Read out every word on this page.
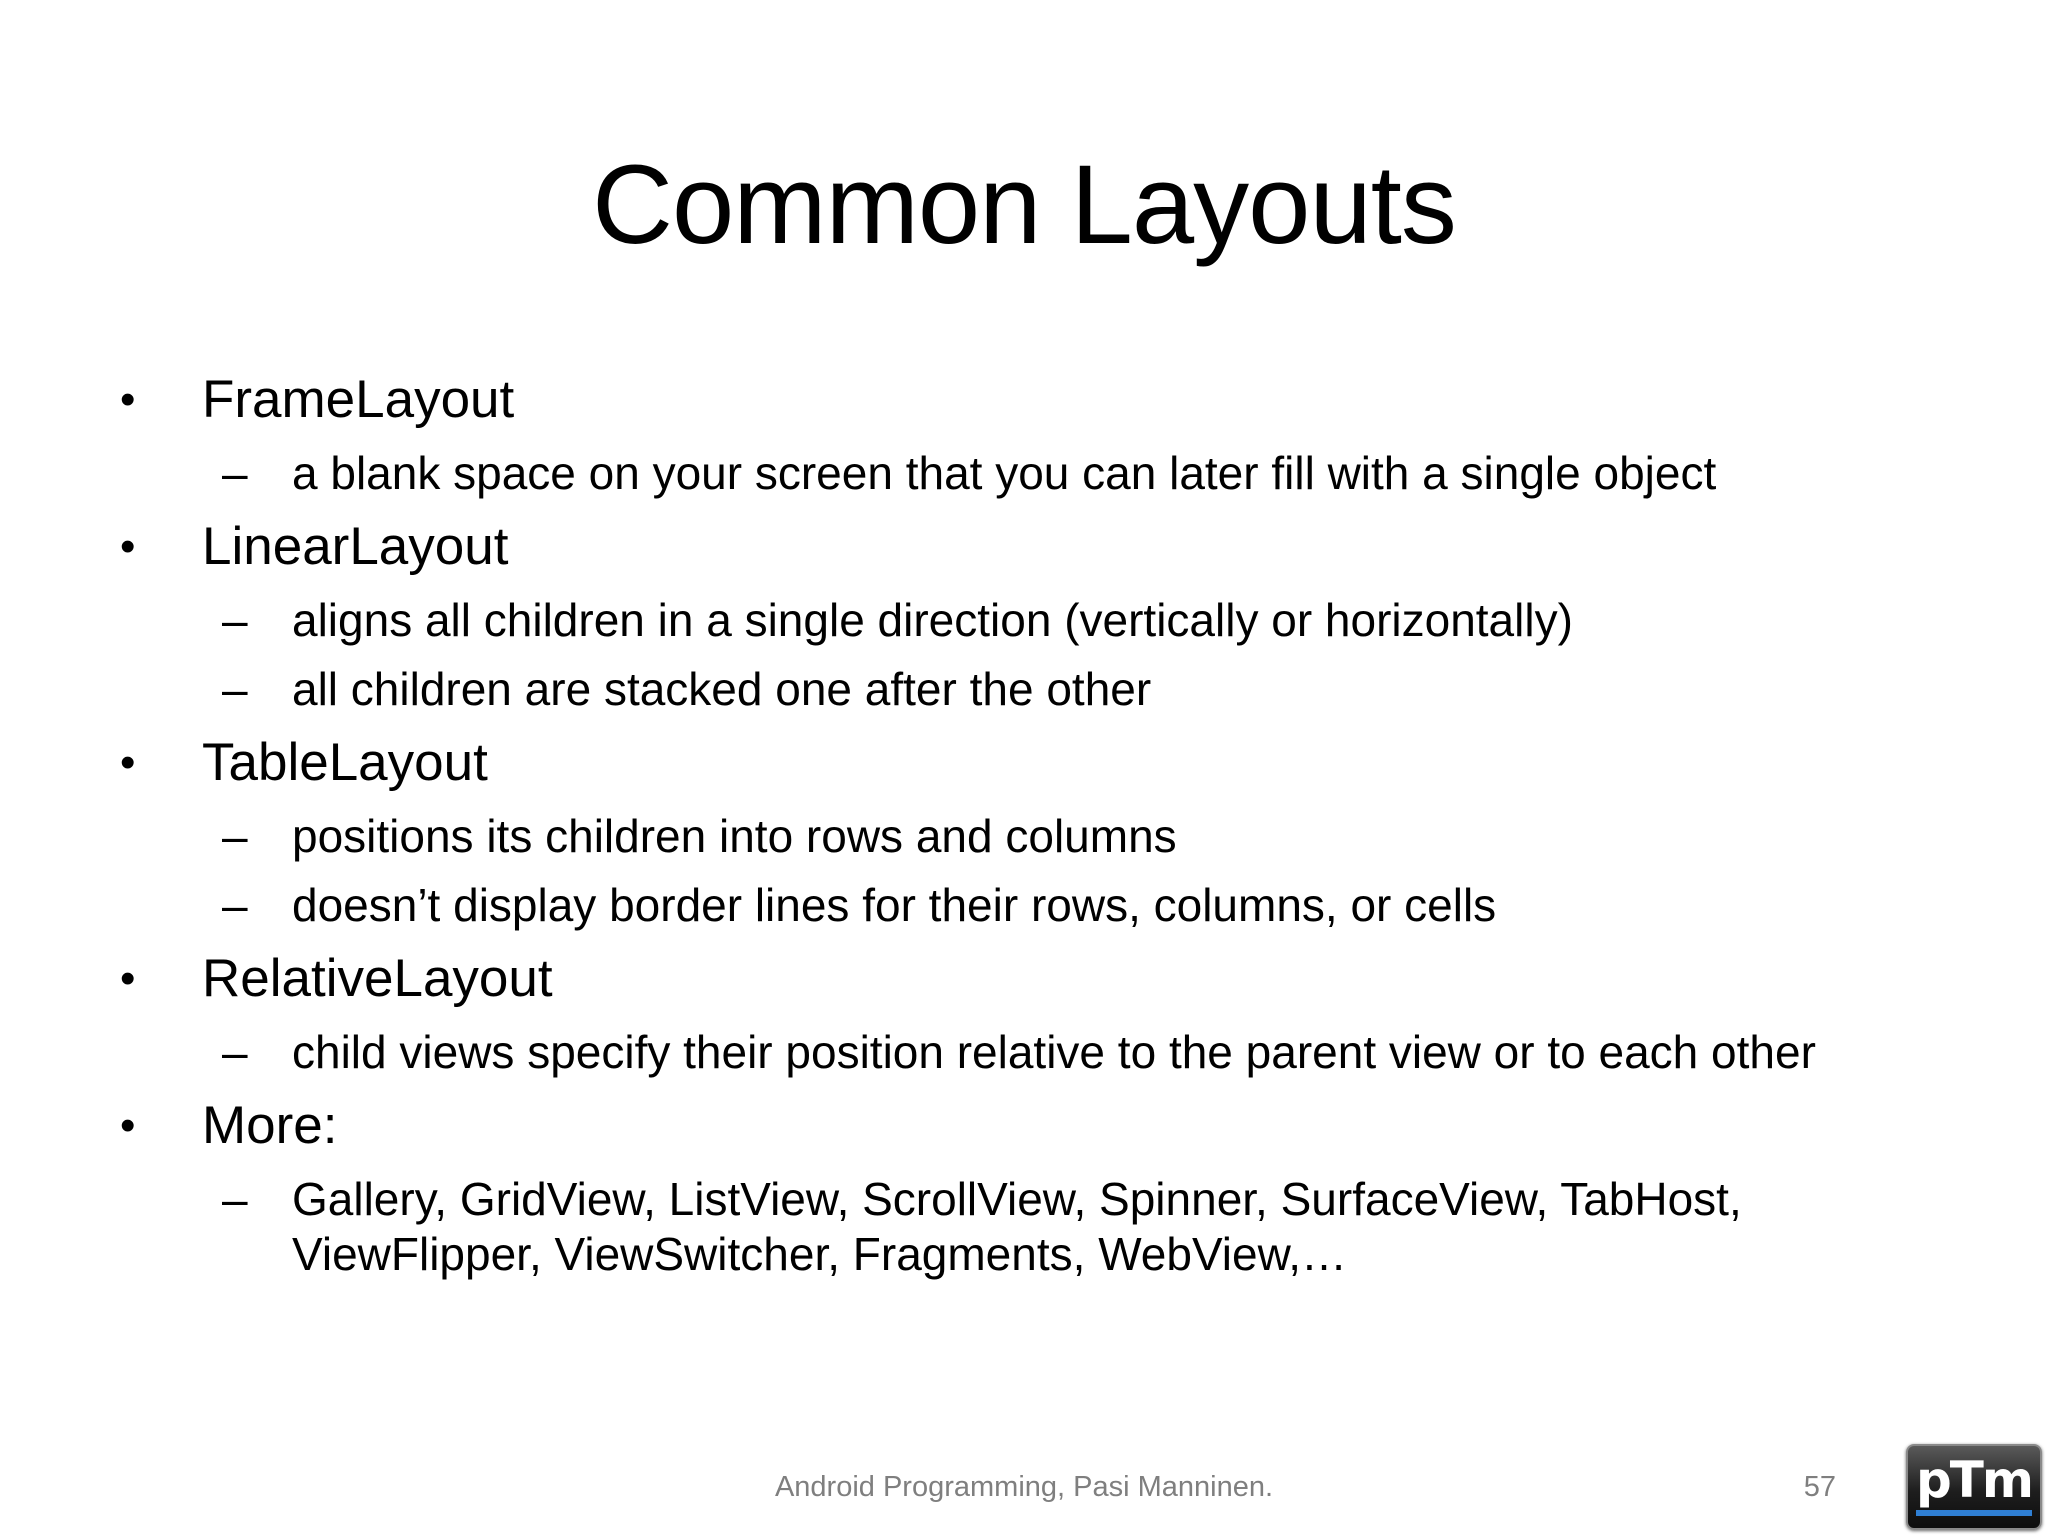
Common Layouts
•	FrameLayout
– a blank space on your screen that you can later fill with a single object
•	LinearLayout
– aligns all children in a single direction (vertically or horizontally)
– all children are stacked one after the other
•	TableLayout
– positions its children into rows and columns
– doesn’t display border lines for their rows, columns, or cells
•	RelativeLayout
– child views specify their position relative to the parent view or to each other
•	More:
– Gallery, GridView, ListView, ScrollView, Spinner, SurfaceView, TabHost, ViewFlipper, ViewSwitcher, Fragments, WebView,…
Android Programming, Pasi Manninen.	57 pTm
